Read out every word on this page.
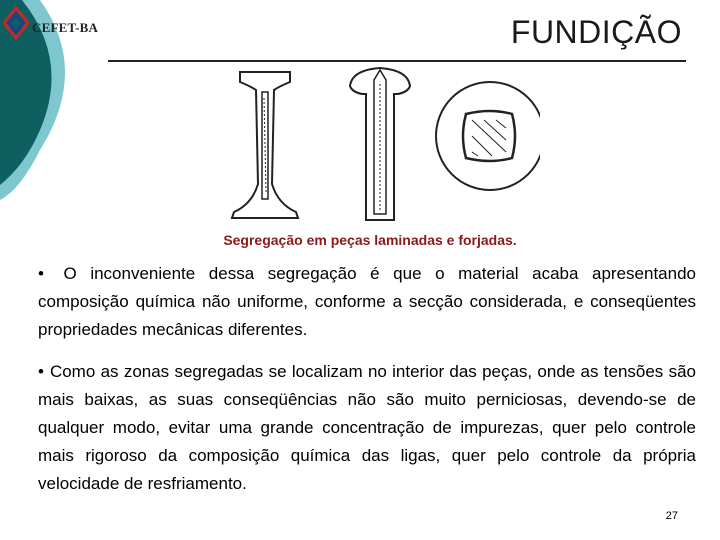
CEFET-BA	FUNDIÇÃO
Segregação em peças laminadas e forjadas.

• O inconveniente dessa segregação é que o material acaba apresentando composição química não uniforme, conforme a secção considerada, e conseqüentes propriedades mecânicas diferentes.

• Como as zonas segregadas se localizam no interior das peças, onde as tensões são mais baixas, as suas conseqüências não são muito perniciosas, devendo-se de qualquer modo, evitar uma grande concentração de impurezas, quer pelo controle mais rigoroso da composição química das ligas, quer pelo controle da própria velocidade de resfriamento.

27
